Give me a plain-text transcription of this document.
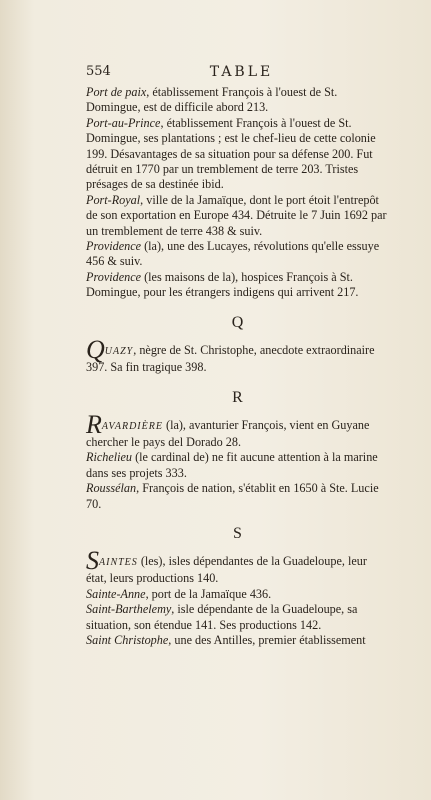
554	TABLE
Port de paix, établissement François à l'ouest de St. Domingue, est de difficile abord 213.
Port-au-Prince, établissement François à l'ouest de St. Domingue, ses plantations ; est le chef-lieu de cette colonie 199. Désavantages de sa situation pour sa défense 200. Fut détruit en 1770 par un tremblement de terre 203. Tristes présages de sa destinée ibid.
Port-Royal, ville de la Jamaïque, dont le port étoit l'entrepôt de son exportation en Europe 434. Détruite le 7 Juin 1692 par un tremblement de terre 438 & suiv.
Providence (la), une des Lucayes, révolutions qu'elle essuye 456 & suiv.
Providence (les maisons de la), hospices François à St. Domingue, pour les étrangers indigens qui arrivent 217.
Q
QUAZY, nègre de St. Christophe, anecdote extraordinaire 397. Sa fin tragique 398.
R
RAVARDIÈRE (la), avanturier François, vient en Guyane chercher le pays del Dorado 28.
Richelieu (le cardinal de) ne fit aucune attention à la marine dans ses projets 333.
Roussélan, François de nation, s'établit en 1650 à Ste. Lucie 70.
S
SAINTES (les), isles dépendantes de la Guadeloupe, leur état, leurs productions 140.
Sainte-Anne, port de la Jamaïque 436.
Saint-Barthelemy, isle dépendante de la Guadeloupe, sa situation, son étendue 141. Ses productions 142.
Saint Christophe, une des Antilles, premier établissement
